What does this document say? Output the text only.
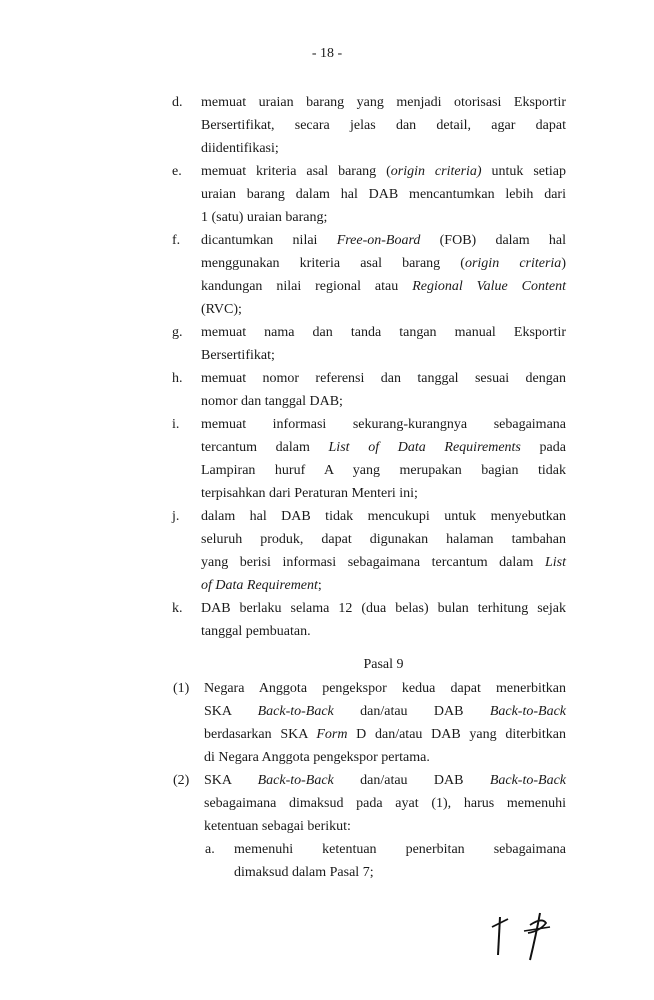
- 18 -
d. memuat uraian barang yang menjadi otorisasi Eksportir
Bersertifikat, secara jelas dan detail, agar dapat
diidentifikasi;
e. memuat kriteria asal barang (origin criteria) untuk setiap
uraian barang dalam hal DAB mencantumkan lebih dari
1 (satu) uraian barang;
f. dicantumkan nilai Free-on-Board (FOB) dalam hal
menggunakan kriteria asal barang (origin criteria)
kandungan nilai regional atau Regional Value Content
(RVC);
g. memuat nama dan tanda tangan manual Eksportir
Bersertifikat;
h. memuat nomor referensi dan tanggal sesuai dengan
nomor dan tanggal DAB;
i. memuat informasi sekurang-kurangnya sebagaimana
tercantum dalam List of Data Requirements pada
Lampiran huruf A yang merupakan bagian tidak
terpisahkan dari Peraturan Menteri ini;
j. dalam hal DAB tidak mencukupi untuk menyebutkan
seluruh produk, dapat digunakan halaman tambahan
yang berisi informasi sebagaimana tercantum dalam List
of Data Requirement;
k. DAB berlaku selama 12 (dua belas) bulan terhitung sejak
tanggal pembuatan.
(1) Negara Anggota pengekspor kedua dapat menerbitkan
SKA Back-to-Back dan/atau DAB Back-to-Back
berdasarkan SKA Form D dan/atau DAB yang diterbitkan
di Negara Anggota pengekspor pertama.
(2) SKA Back-to-Back dan/atau DAB Back-to-Back
sebagaimana dimaksud pada ayat (1), harus memenuhi
ketentuan sebagai berikut:
a. memenuhi ketentuan penerbitan sebagaimana
dimaksud dalam Pasal 7;
Pasal 9
